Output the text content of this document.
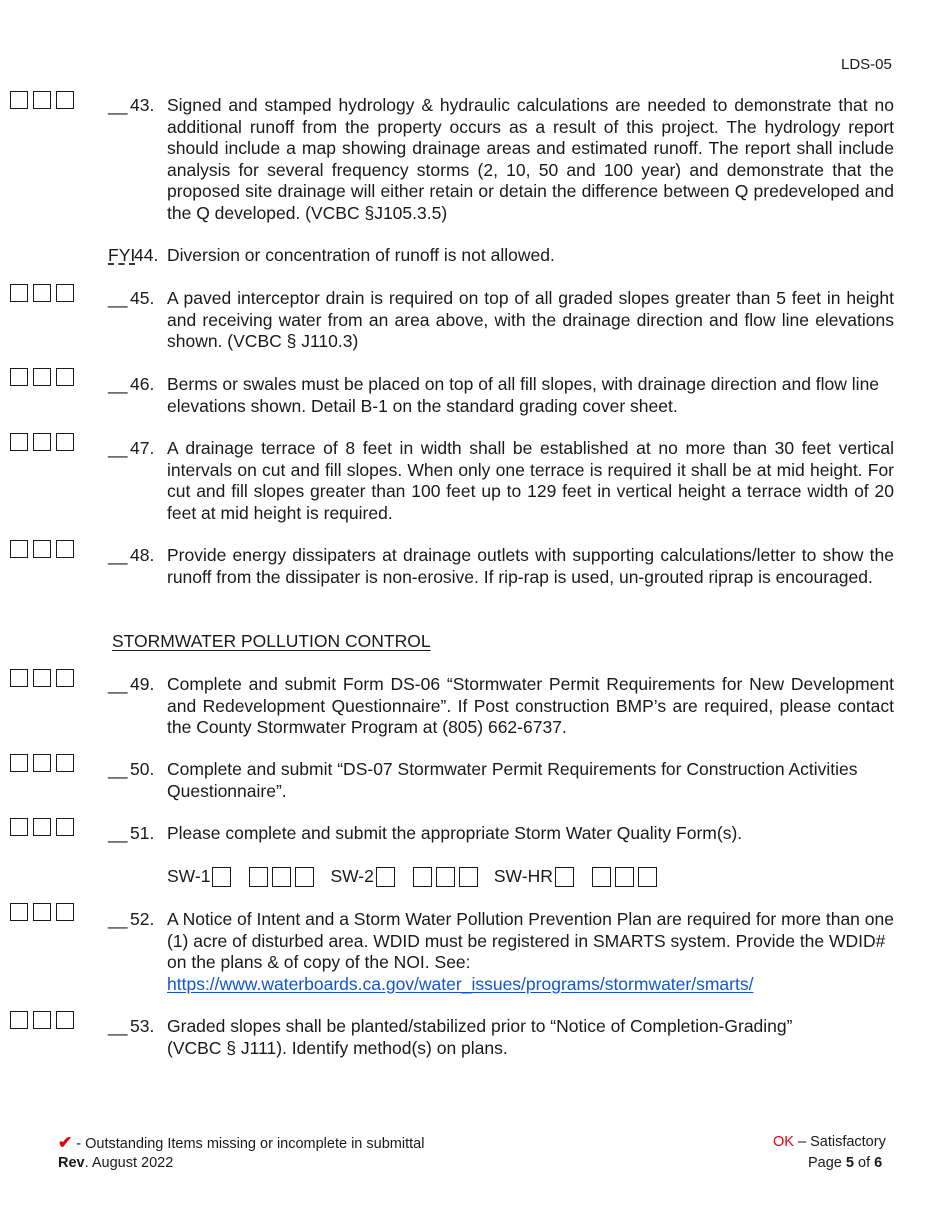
LDS-05
__ 43. Signed and stamped hydrology & hydraulic calculations are needed to demonstrate that no additional runoff from the property occurs as a result of this project. The hydrology report should include a map showing drainage areas and estimated runoff. The report shall include analysis for several frequency storms (2, 10, 50 and 100 year) and demonstrate that the proposed site drainage will either retain or detain the difference between Q predeveloped and the Q developed. (VCBC §J105.3.5)
FYI44. Diversion or concentration of runoff is not allowed.
__ 45. A paved interceptor drain is required on top of all graded slopes greater than 5 feet in height and receiving water from an area above, with the drainage direction and flow line elevations shown. (VCBC § J110.3)
__ 46. Berms or swales must be placed on top of all fill slopes, with drainage direction and flow line elevations shown. Detail B-1 on the standard grading cover sheet.
__ 47. A drainage terrace of 8 feet in width shall be established at no more than 30 feet vertical intervals on cut and fill slopes. When only one terrace is required it shall be at mid height. For cut and fill slopes greater than 100 feet up to 129 feet in vertical height a terrace width of 20 feet at mid height is required.
__ 48. Provide energy dissipaters at drainage outlets with supporting calculations/letter to show the runoff from the dissipater is non-erosive. If rip-rap is used, un-grouted riprap is encouraged.
STORMWATER POLLUTION CONTROL
__ 49. Complete and submit Form DS-06 “Stormwater Permit Requirements for New Development and Redevelopment Questionnaire”. If Post construction BMP’s are required, please contact the County Stormwater Program at (805) 662-6737.
__ 50. Complete and submit “DS-07 Stormwater Permit Requirements for Construction Activities Questionnaire”.
__ 51. Please complete and submit the appropriate Storm Water Quality Form(s).
SW-1	SW-2	SW-HR
__ 52. A Notice of Intent and a Storm Water Pollution Prevention Plan are required for more than one (1) acre of disturbed area. WDID must be registered in SMARTS system. Provide the WDID# on the plans & of copy of the NOI. See:
https://www.waterboards.ca.gov/water_issues/programs/stormwater/smarts/
__ 53. Graded slopes shall be planted/stabilized prior to “Notice of Completion-Grading”
(VCBC § J111). Identify method(s) on plans.
✔ - Outstanding Items missing or incomplete in submittal	OK – Satisfactory
Rev. August 2022	Page 5 of 6
